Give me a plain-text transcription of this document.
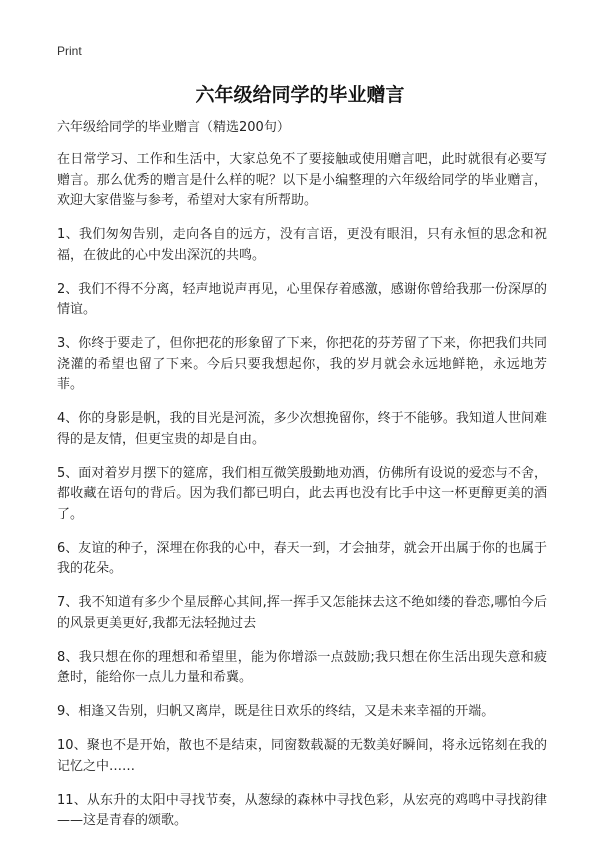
Print
六年级给同学的毕业赠言

六年级给同学的毕业赠言（精选200句）

在日常学习、工作和生活中，大家总免不了要接触或使用赠言吧，此时就很有必要写赠言。那么优秀的赠言是什么样的呢？以下是小编整理的六年级给同学的毕业赠言，欢迎大家借鉴与参考，希望对大家有所帮助。

1、我们匆匆告别，走向各自的远方，没有言语，更没有眼泪，只有永恒的思念和祝福，在彼此的心中发出深沉的共鸣。

2、我们不得不分离，轻声地说声再见，心里保存着感激，感谢你曾给我那一份深厚的情谊。

3、你终于要走了，但你把花的形象留了下来，你把花的芬芳留了下来，你把我们共同浇灌的希望也留了下来。今后只要我想起你，我的岁月就会永远地鲜艳，永远地芳菲。

4、你的身影是帆，我的目光是河流，多少次想挽留你，终于不能够。我知道人世间难得的是友情，但更宝贵的却是自由。

5、面对着岁月摆下的筵席，我们相互微笑殷勤地劝酒，仿佛所有设说的爱恋与不舍，都收藏在语句的背后。因为我们都已明白，此去再也没有比手中这一杯更醇更美的酒了。

6、友谊的种子，深埋在你我的心中，春天一到，才会抽芽，就会开出属于你的也属于我的花朵。

7、我不知道有多少个星辰醉心其间,挥一挥手又怎能抹去这不绝如缕的眷恋,哪怕今后的风景更美更好,我都无法轻抛过去

8、我只想在你的理想和希望里，能为你增添一点鼓励;我只想在你生活出现失意和疲惫时，能给你一点儿力量和希冀。

9、相逢又告别，归帆又离岸，既是往日欢乐的终结，又是未来幸福的开端。

10、聚也不是开始，散也不是结束，同窗数载凝的无数美好瞬间，将永远铭刻在我的记忆之中……

11、从东升的太阳中寻找节奏，从葱绿的森林中寻找色彩，从宏亮的鸡鸣中寻找韵律——这是青春的颂歌。
